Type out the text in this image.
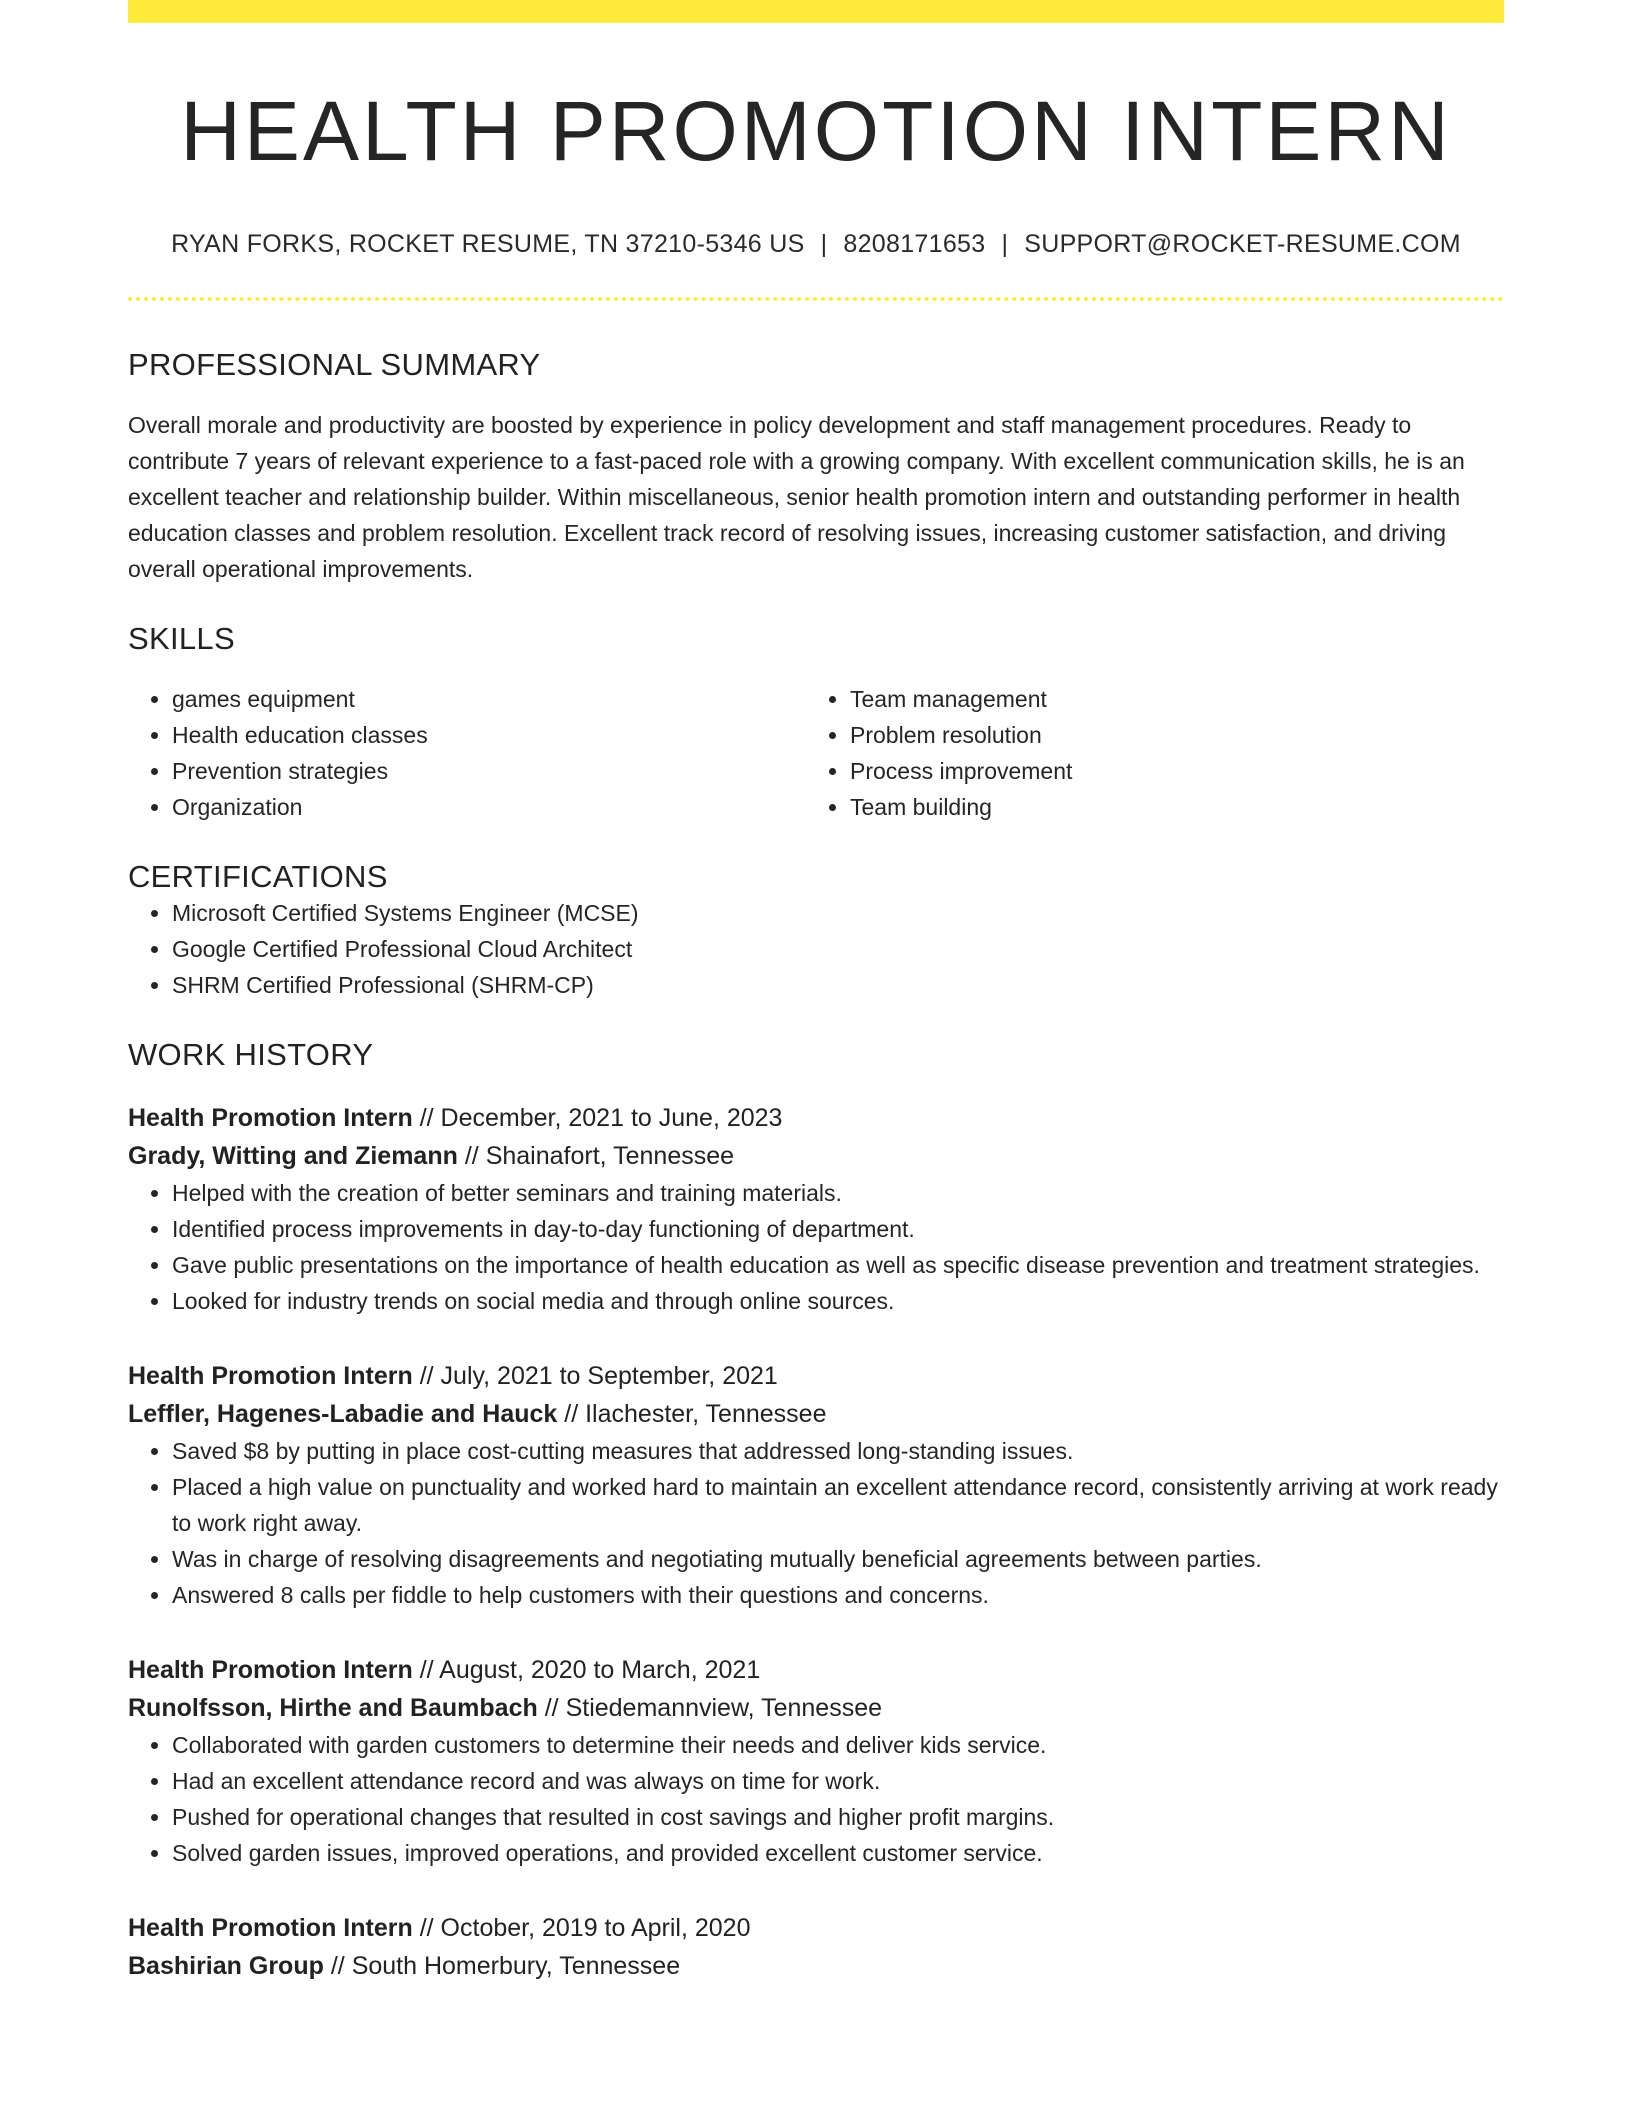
HEALTH PROMOTION INTERN
RYAN FORKS, ROCKET RESUME, TN 37210-5346 US | 8208171653 | SUPPORT@ROCKET-RESUME.COM
PROFESSIONAL SUMMARY
Overall morale and productivity are boosted by experience in policy development and staff management procedures. Ready to contribute 7 years of relevant experience to a fast-paced role with a growing company. With excellent communication skills, he is an excellent teacher and relationship builder. Within miscellaneous, senior health promotion intern and outstanding performer in health education classes and problem resolution. Excellent track record of resolving issues, increasing customer satisfaction, and driving overall operational improvements.
SKILLS
• games equipment
• Health education classes
• Prevention strategies
• Organization
• Team management
• Problem resolution
• Process improvement
• Team building
CERTIFICATIONS
• Microsoft Certified Systems Engineer (MCSE)
• Google Certified Professional Cloud Architect
• SHRM Certified Professional (SHRM-CP)
WORK HISTORY
Health Promotion Intern // December, 2021 to June, 2023
Grady, Witting and Ziemann // Shainafort, Tennessee
• Helped with the creation of better seminars and training materials.
• Identified process improvements in day-to-day functioning of department.
• Gave public presentations on the importance of health education as well as specific disease prevention and treatment strategies.
• Looked for industry trends on social media and through online sources.
Health Promotion Intern // July, 2021 to September, 2021
Leffler, Hagenes-Labadie and Hauck // Ilachester, Tennessee
• Saved $8 by putting in place cost-cutting measures that addressed long-standing issues.
• Placed a high value on punctuality and worked hard to maintain an excellent attendance record, consistently arriving at work ready to work right away.
• Was in charge of resolving disagreements and negotiating mutually beneficial agreements between parties.
• Answered 8 calls per fiddle to help customers with their questions and concerns.
Health Promotion Intern // August, 2020 to March, 2021
Runolfsson, Hirthe and Baumbach // Stiedemannview, Tennessee
• Collaborated with garden customers to determine their needs and deliver kids service.
• Had an excellent attendance record and was always on time for work.
• Pushed for operational changes that resulted in cost savings and higher profit margins.
• Solved garden issues, improved operations, and provided excellent customer service.
Health Promotion Intern // October, 2019 to April, 2020
Bashirian Group // South Homerbury, Tennessee
